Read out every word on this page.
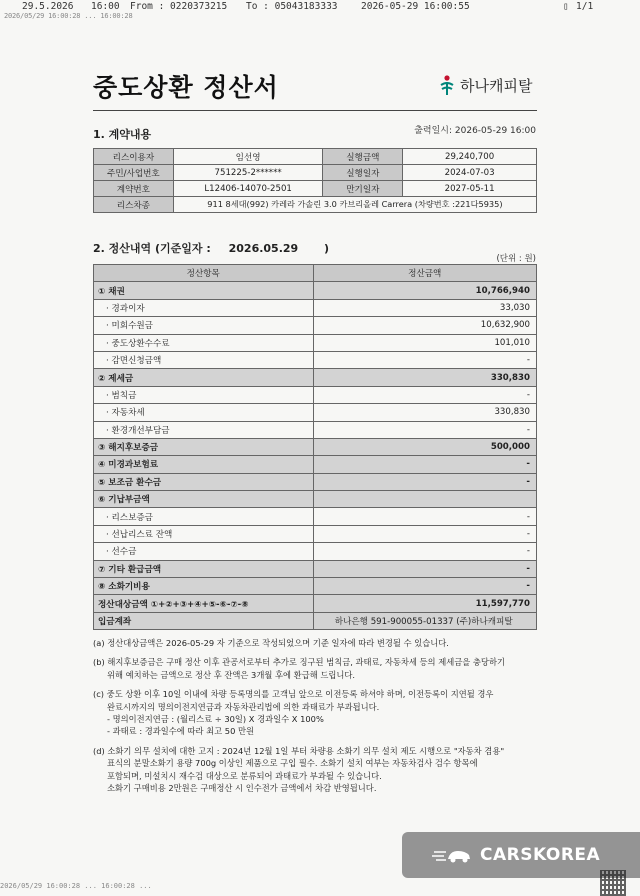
29.5.2026

16:00

From : 0220373215

To : 05043183333

2026-05-29 16:00:55

	▯

1/1

2026/05/29 16:00:28 ... 16:00:28
중도상환 정산서	하나캐피탈
1. 계약내용	출력일시: 2026-05-29 16:00
리스이용자	임선영	실행금액	29,240,700
주민/사업번호	751225-2******	실행일자	2024-07-03
계약번호	L12406-14070-2501	만기일자	2027-05-11
리스차종	911 8세대(992) 카레라 가솔린 3.0 카브리올레 Carrera (차량번호 :221다5935)		
2. 정산내역 (기준일자 : 2026.05.29 )
(단위 : 원)
정산항목	정산금액
① 채권	10,766,940
· 경과이자	33,030
· 미회수원금	10,632,900
· 중도상환수수료	101,010
· 감면신청금액	-
② 제세금	330,830
· 범칙금	-
· 자동차세	330,830
· 환경개선부담금	-
③ 해지후보증금	500,000
④ 미경과보험료	-
⑤ 보조금 환수금	-
⑥ 기납부금액	
· 리스보증금	-
· 선납리스료 잔액	-
· 선수금	-
⑦ 기타 환급금액	-
⑧ 소화기비용	-
정산대상금액 ①+②+③+④+⑤-⑥-⑦-⑧	11,597,770
입금계좌	하나은행 591-900055-01337 (주)하나캐피탈

(a) 정산대상금액은 2026-05-29 자 기준으로 작성되었으며 기준 일자에 따라 변경될 수 있습니다.

(b) 해지후보증금은 구매 정산 이후 관공서로부터 추가로 징구된 범칙금, 과태료, 자동차세 등의 제세금을 충당하기
위해 예치하는 금액으로 정산 후 잔액은 3개월 후에 환급해 드립니다.

(c) 중도 상환 이후 10일 이내에 차량 등록명의를 고객님 앞으로 이전등록 하셔야 하며, 이전등록이 지연될 경우
완료시까지의 명의이전지연금과 자동차관리법에 의한 과태료가 부과됩니다.
- 명의이전지연금 : (월리스료 ÷ 30일) X 경과일수 X 100%
- 과태료 : 경과일수에 따라 최고 50 만원

(d) 소화기 의무 설치에 대한 고지 : 2024년 12월 1일 부터 차량용 소화기 의무 설치 제도 시행으로 "자동차 겸용"
표식의 분말소화기 용량 700g 이상인 제품으로 구입 필수. 소화기 설치 여부는 자동차검사 검수 항목에
포함되며, 미설치시 재수검 대상으로 분류되어 과태료가 부과될 수 있습니다.
소화기 구매비용 2만원은 구매정산 시 인수전가 금액에서 차감 반영됩니다.

CARSKOREA
2026/05/29 16:00:28 ... 16:00:28 ...
